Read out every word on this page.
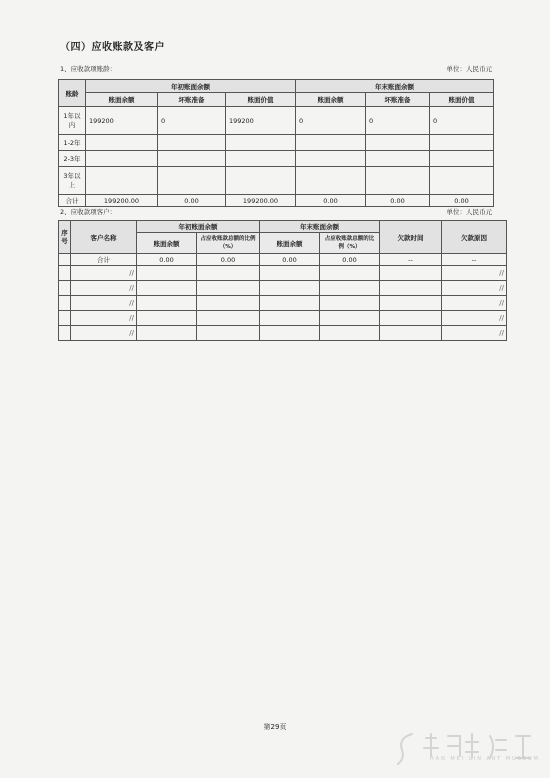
（四）应收账款及客户
1、应收款项账龄：	单位：人民币元
账龄	年初账面余额			年末账面余额		
	账面余额	坏账准备	账面价值	账面余额	坏账准备	账面价值
1年以内	199200	0	199200	0	0	0
1-2年						
2-3年						
3年以上						
合计	199200.00	0.00	199200.00	0.00	0.00	0.00
2、应收款项客户：	单位：人民币元
序号	客户名称	年初账面余额		年末账面余额		欠款时间	欠款原因
		账面余额	占应收账款总额的比例（%）	账面余额	占应收账款总额的比例（%）		
	合计	0.00	0.00	0.00	0.00	--	--
	//						//
	//						//
	//						//
	//						//
	//						//
第29页
HAN MEI LIN ART MUSEUM
